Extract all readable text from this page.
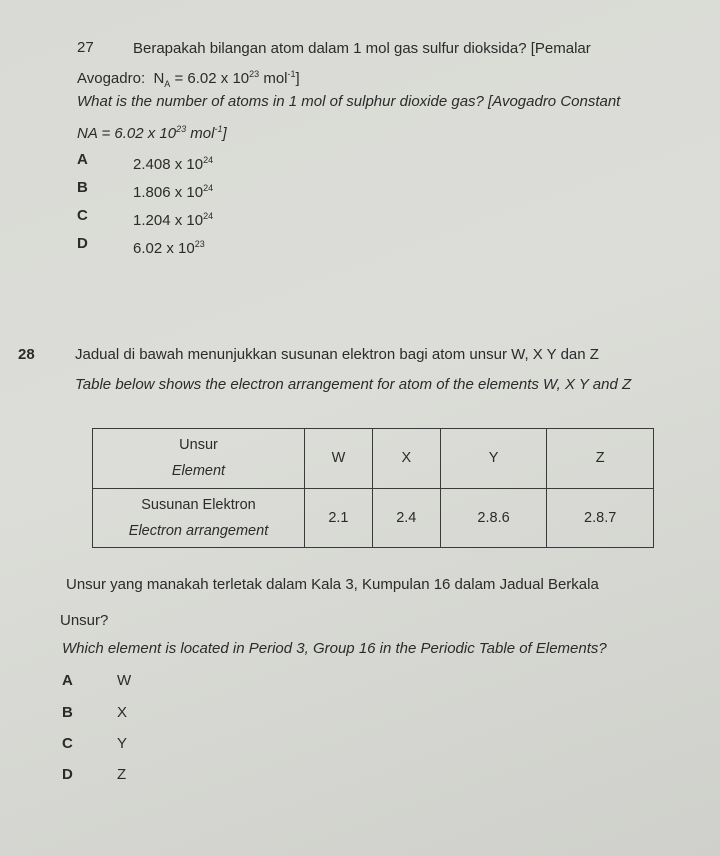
27	Berapakah bilangan atom dalam 1 mol gas sulfur dioksida? [Pemalar
Avogadro: $N_A = 6.02$ x $10^{23}$ mol$^{-1}$]
What is the number of atoms in 1 mol of sulphur dioxide gas? [Avogadro Constant
NA = 6.02 x $10^{23}$ mol$^{-1}$]
A	2.408 x $10^{24}$
B	1.806 x $10^{24}$
C	1.204 x $10^{24}$
D	6.02 x $10^{23}$
28	Jadual di bawah menunjukkan susunan elektron bagi atom unsur W, X Y dan Z
Table below shows the electron arrangement for atom of the elements W, X Y and Z
Unsur
Element	W	X	Y	Z

Susunan Elektron
Electron arrangement	2.1	2.4	2.8.6	2.8.7
Unsur yang manakah terletak dalam Kala 3, Kumpulan 16 dalam Jadual Berkala
Unsur?
Which element is located in Period 3, Group 16 in the Periodic Table of Elements?
A	W
B	X
C	Y
D	Z
